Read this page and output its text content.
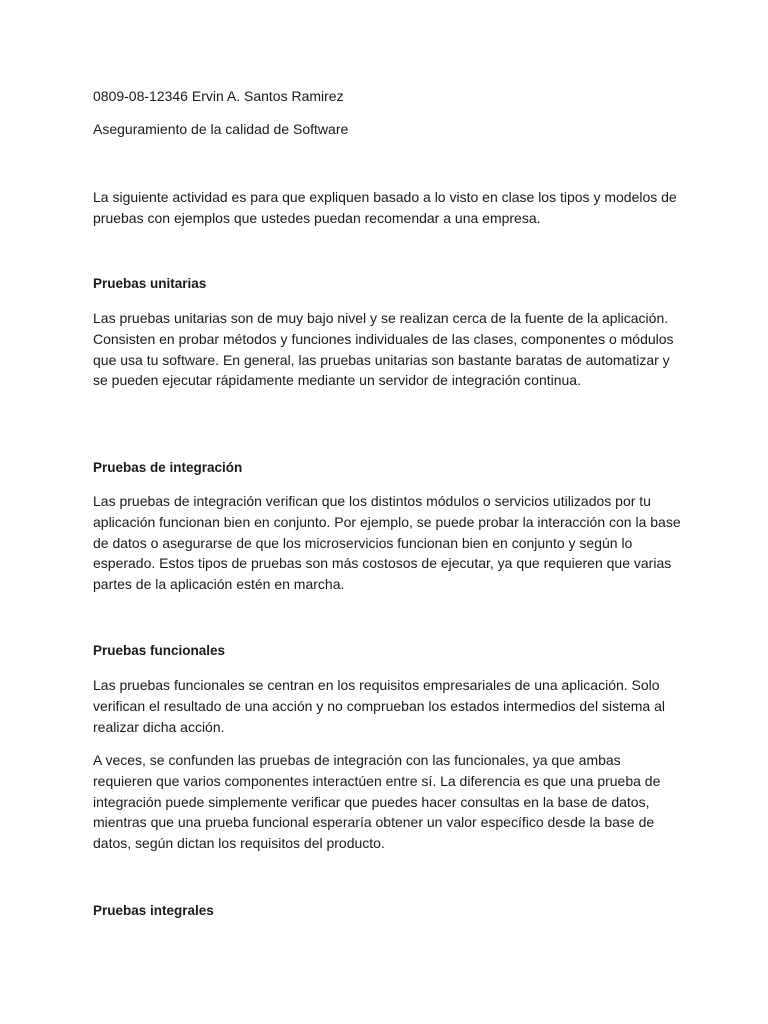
0809-08-12346 Ervin A. Santos Ramirez
Aseguramiento de la calidad de Software
La siguiente actividad es para que expliquen basado a lo visto en clase los tipos y modelos de pruebas con ejemplos que ustedes puedan recomendar a una empresa.
Pruebas unitarias
Las pruebas unitarias son de muy bajo nivel y se realizan cerca de la fuente de la aplicación. Consisten en probar métodos y funciones individuales de las clases, componentes o módulos que usa tu software. En general, las pruebas unitarias son bastante baratas de automatizar y se pueden ejecutar rápidamente mediante un servidor de integración continua.
Pruebas de integración
Las pruebas de integración verifican que los distintos módulos o servicios utilizados por tu aplicación funcionan bien en conjunto. Por ejemplo, se puede probar la interacción con la base de datos o asegurarse de que los microservicios funcionan bien en conjunto y según lo esperado. Estos tipos de pruebas son más costosos de ejecutar, ya que requieren que varias partes de la aplicación estén en marcha.
Pruebas funcionales
Las pruebas funcionales se centran en los requisitos empresariales de una aplicación. Solo verifican el resultado de una acción y no comprueban los estados intermedios del sistema al realizar dicha acción.
A veces, se confunden las pruebas de integración con las funcionales, ya que ambas requieren que varios componentes interactúen entre sí. La diferencia es que una prueba de integración puede simplemente verificar que puedes hacer consultas en la base de datos, mientras que una prueba funcional esperaría obtener un valor específico desde la base de datos, según dictan los requisitos del producto.
Pruebas integrales
